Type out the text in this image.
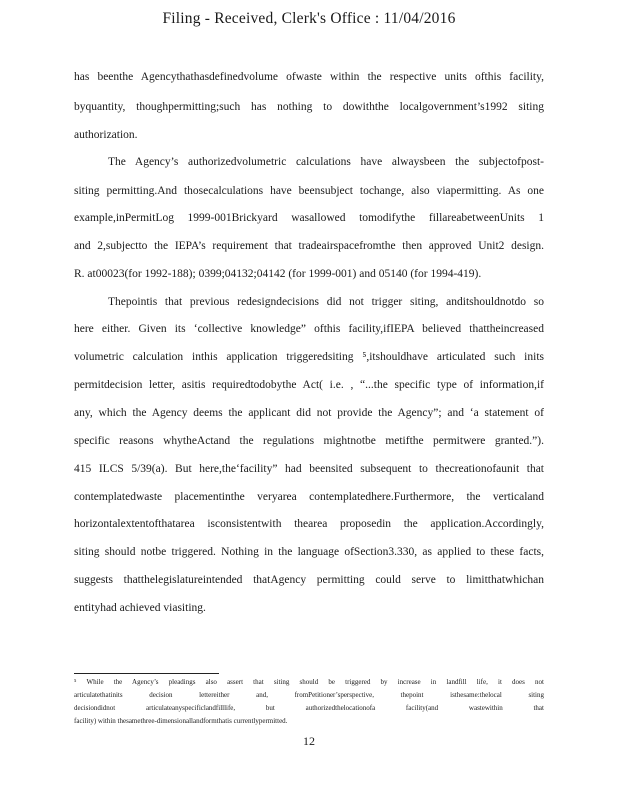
Filing - Received, Clerk's Office : 11/04/2016
has beenthe Agencythathasdefinedvolume ofwaste within the respective units ofthis facility,
byquantity, thoughpermitting;such has nothing to dowiththe localgovernment’s1992 siting
authorization.
The Agency’s authorizedvolumetric calculations have alwaysbeen the subjectofpost-
siting permitting.And thosecalculations have beensubject tochange, also viapermitting. As one
example,inPermitLog 1999-001Brickyard wasallowed tomodifythe fillareabetweenUnits 1
and 2,subjectto the IEPA’s requirement that tradeairspacefromthe then approved Unit2 design.
R. at00023(for 1992-188); 0399;04132;04142 (for 1999-001) and 05140 (for 1994-419).
Thepointis that previous redesigndecisions did not trigger siting, anditshouldnotdo so
here either. Given its ‘collective knowledge” ofthis facility,ifIEPA believed thattheincreased
volumetric calculation inthis application triggeredsiting ⁵,itshouldhave articulated such inits
permitdecision letter, asitis requiredtodobythe Act( i.e. , “...the specific type of information,if
any, which the Agency deems the applicant did not provide the Agency”; and ‘a statement of
specific reasons whytheActand the regulations mightnotbe metifthe permitwere granted.”).
415 ILCS 5/39(a). But here,the‘facility” had beensited subsequent to thecreationofaunit that
contemplatedwaste placementinthe veryarea contemplatedhere.Furthermore, the verticaland
horizontalextentofthatarea isconsistentwith thearea proposedin the application.Accordingly,
siting should notbe triggered. Nothing in the language ofSection3.330, as applied to these facts,
suggests thatthelegislatureintended thatAgency permitting could serve to limitthatwhichan
entityhad achieved viasiting.
⁵ While the Agency’s pleadings also assert that siting should be triggered by increase in landfill life, it does not
articulatethatinits decision lettereither and, fromPetitioner’sperspective, thepoint isthesame:thelocal siting
decisiondidnot articulateanyspecificlandfilllife, but authorizedthelocationofa facility(and wastewithin that
facility) within thesamethree-dimensionallandformthatis currentlypermitted.
12
